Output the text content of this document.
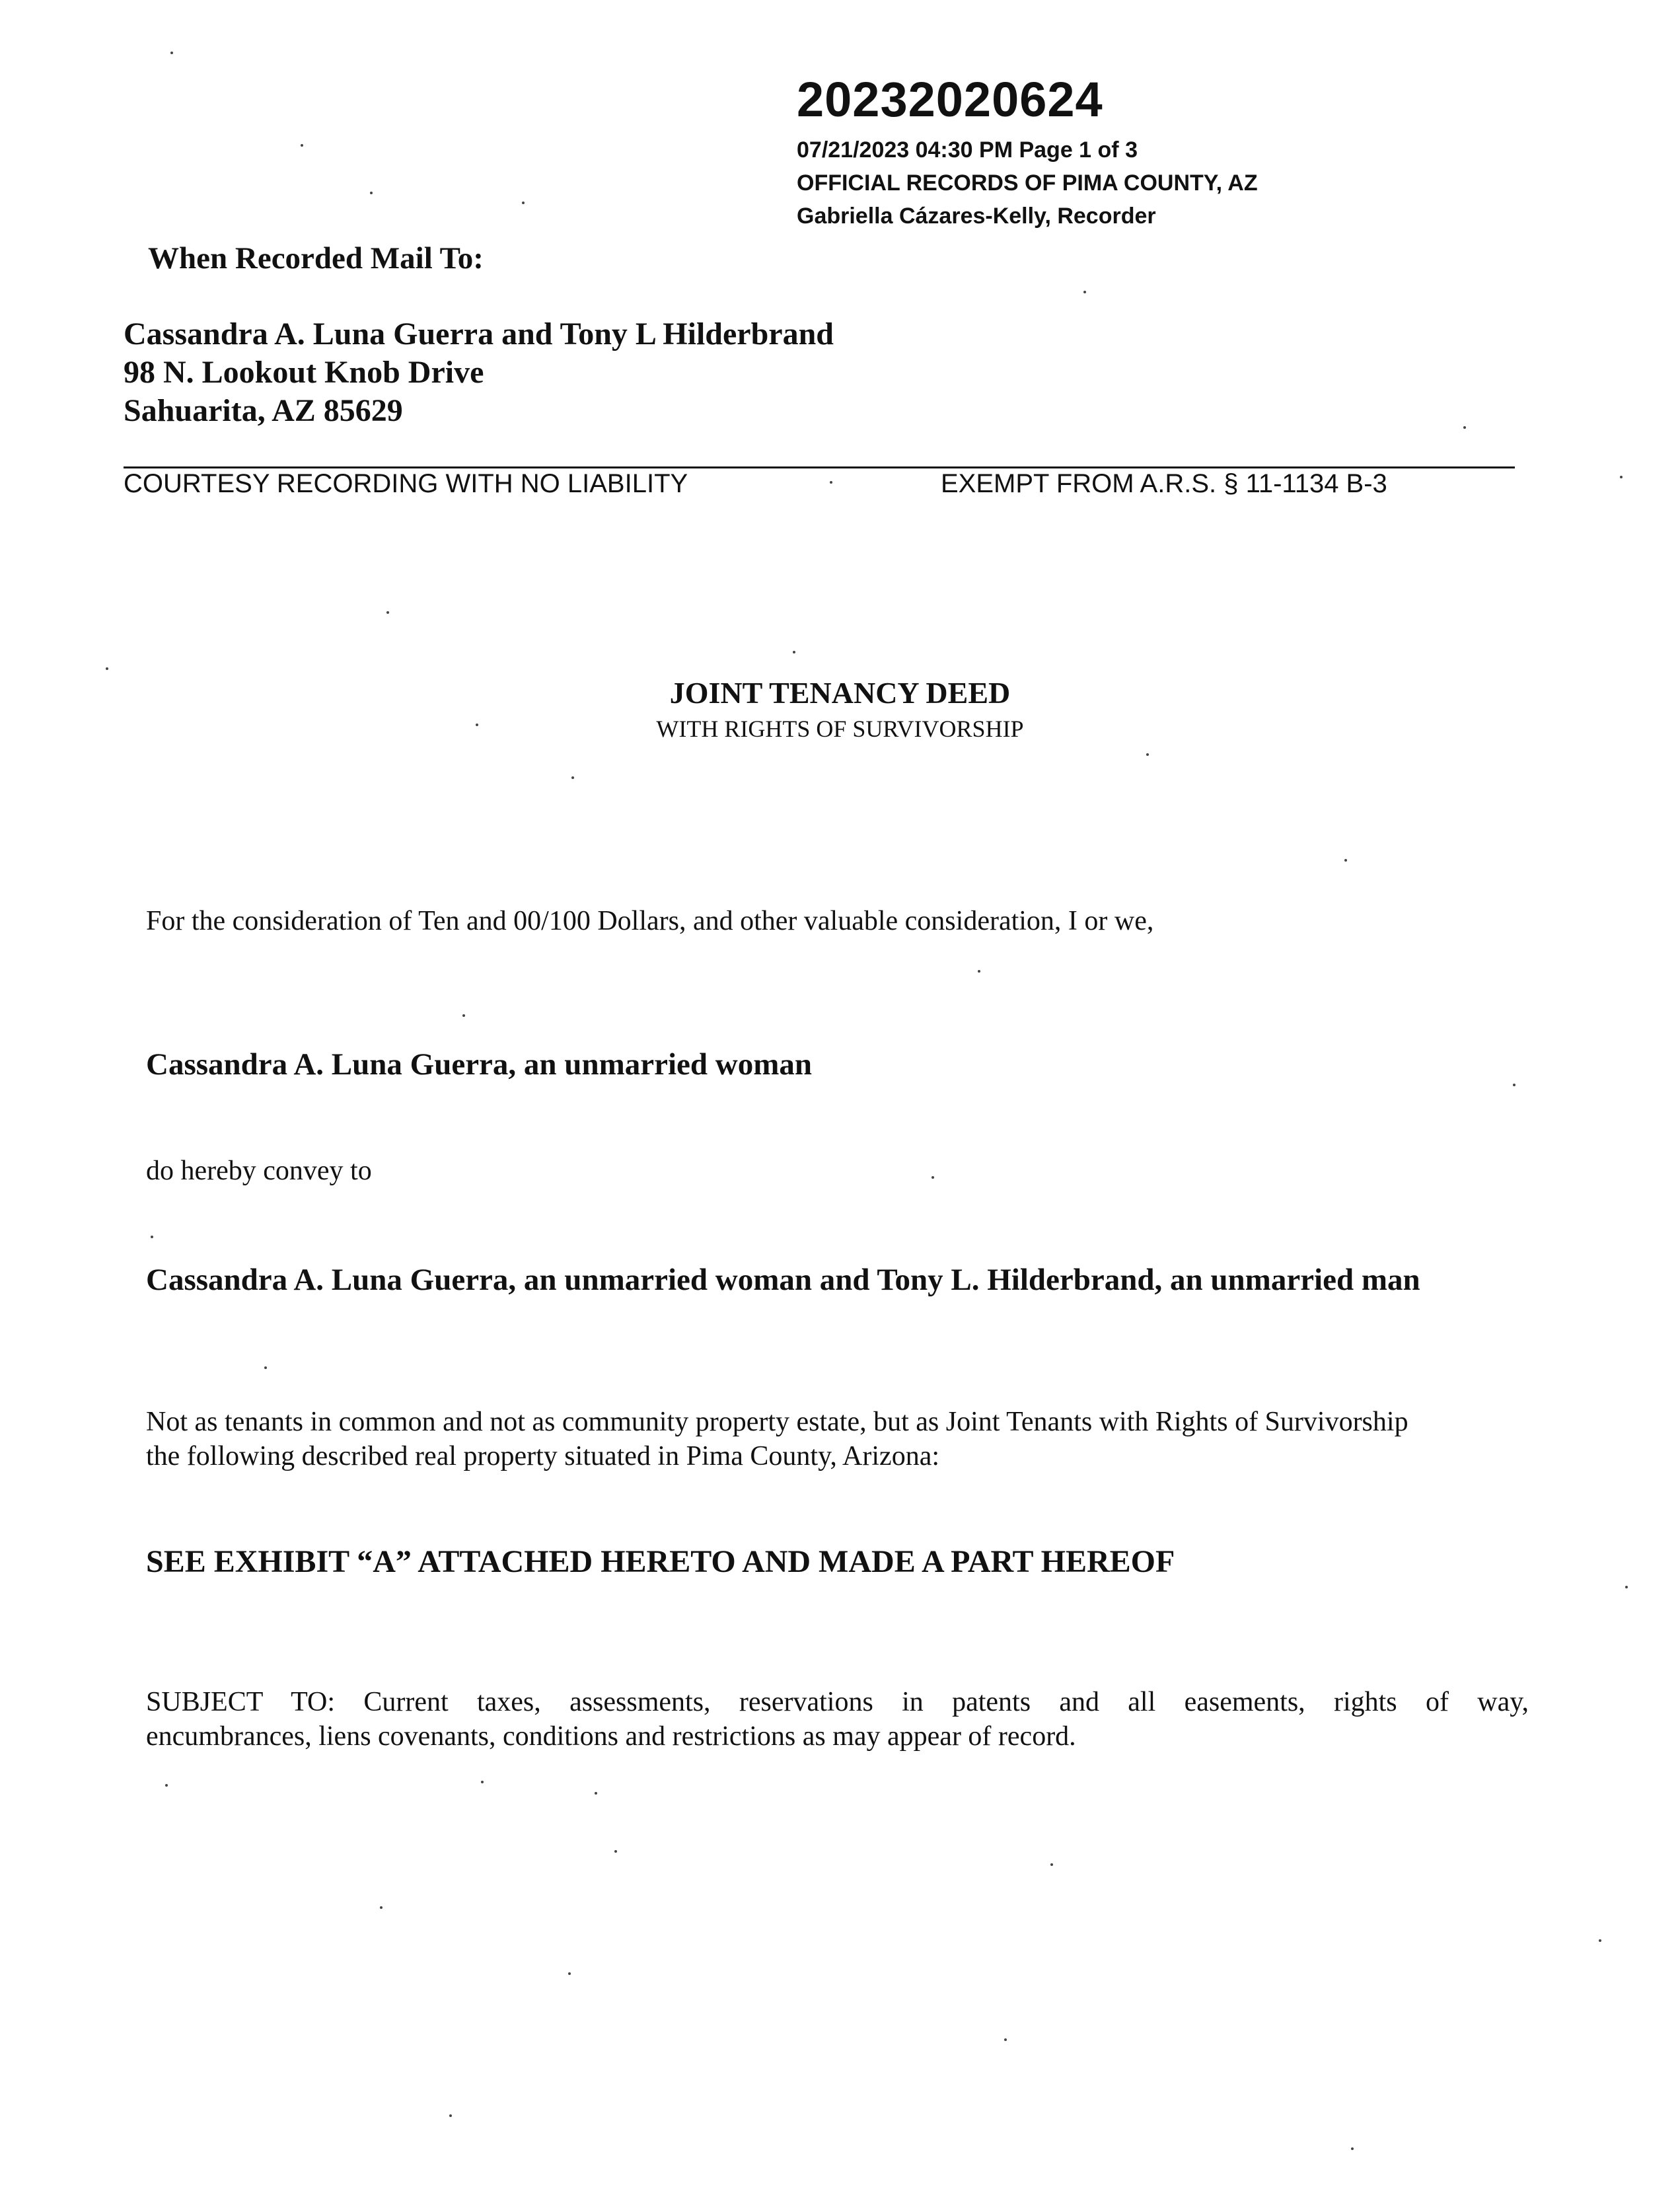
20232020624
07/21/2023 04:30 PM Page 1 of 3
OFFICIAL RECORDS OF PIMA COUNTY, AZ
Gabriella Cázares-Kelly, Recorder
When Recorded Mail To:
Cassandra A. Luna Guerra and Tony L Hilderbrand
98 N. Lookout Knob Drive
Sahuarita, AZ 85629
COURTESY RECORDING WITH NO LIABILITY	EXEMPT FROM A.R.S. § 11-1134 B-3
JOINT TENANCY DEED
WITH RIGHTS OF SURVIVORSHIP
For the consideration of Ten and 00/100 Dollars, and other valuable consideration, I or we,
Cassandra A. Luna Guerra, an unmarried woman
do hereby convey to
Cassandra A. Luna Guerra, an unmarried woman and Tony L. Hilderbrand, an unmarried man
Not as tenants in common and not as community property estate, but as Joint Tenants with Rights of Survivorship
the following described real property situated in Pima County, Arizona:
SEE EXHIBIT “A” ATTACHED HERETO AND MADE A PART HEREOF
SUBJECT TO: Current taxes, assessments, reservations in patents and all easements, rights of way,
encumbrances, liens covenants, conditions and restrictions as may appear of record.
